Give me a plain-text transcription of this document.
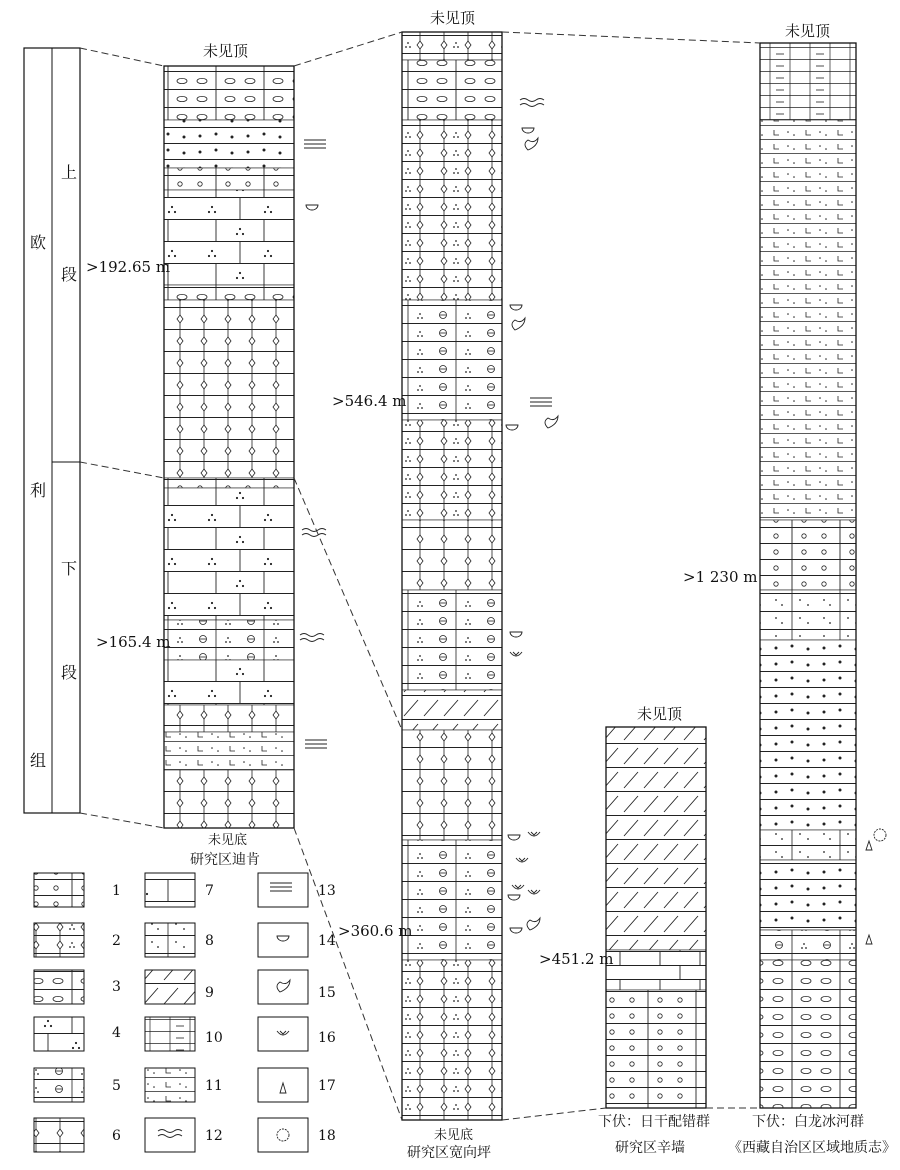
未见顶
未见顶
未见顶
未见顶
>192.65 m
>165.4 m
>546.4 m
>360.6 m
>451.2 m
>1 230 m
未见底
研究区迪肯
未见底
研究区宽向坪
下伏：日干配错群
研究区辛墙
下伏：白龙冰河群
《西藏自治区区域地质志》
欧
利
组
上
段
下
段
1
2
3
4
5
6
7
8
9
10
11
12
13
14
15
16
17
18
